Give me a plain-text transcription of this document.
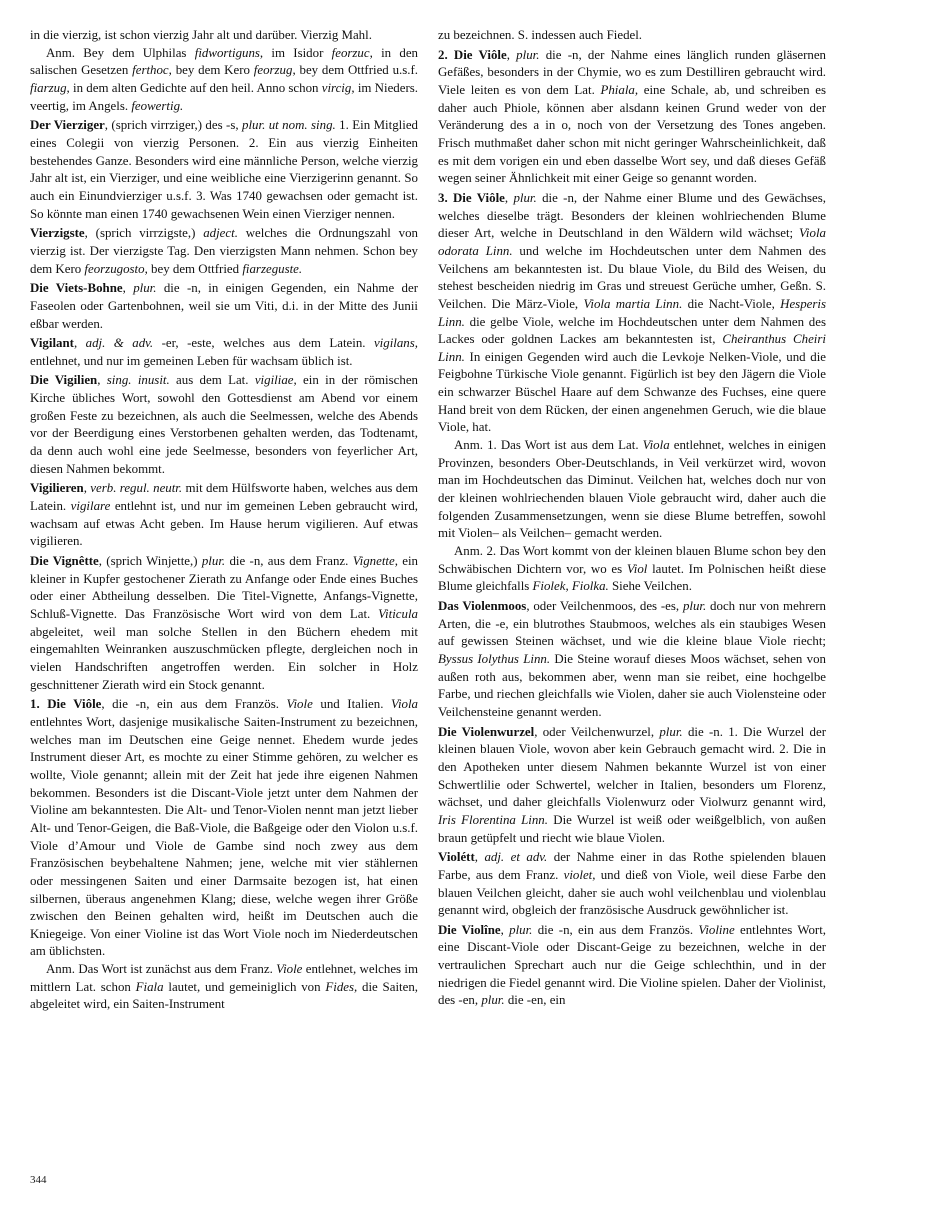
in die vierzig, ist schon vierzig Jahr alt und darüber. Vierzig Mahl.

Anm. Bey dem Ulphilas fidwortiguns, im Isidor feorzuc, in den salischen Gesetzen ferthoc, bey dem Kero feorzug, bey dem Ottfried u.s.f. fiarzug, in dem alten Gedichte auf den heil. Anno schon vircig, im Nieders. veertig, im Angels. feowertig.

Der Vierziger, (sprich virrziger,) des -s, plur. ut nom. sing. 1. Ein Mitglied eines Colegii von vierzig Personen. 2. Ein aus vierzig Einheiten bestehendes Ganze. Besonders wird eine männliche Person, welche vierzig Jahr alt ist, ein Vierziger, und eine weibliche eine Vierzigerinn genannt. So auch ein Einundvierziger u.s.f. 3. Was 1740 gewachsen oder gemacht ist. So könnte man einen 1740 gewachsenen Wein einen Vierziger nennen.

Vierzigste, (sprich virrzigste,) adject. welches die Ordnungszahl von vierzig ist. Der vierzigste Tag. Den vierzigsten Mann nehmen. Schon bey dem Kero feorzugosto, bey dem Ottfried fiarzeguste.

Die Viets-Bohne, plur. die -n, in einigen Gegenden, ein Nahme der Faseolen oder Gartenbohnen, weil sie um Viti, d.i. in der Mitte des Junii eßbar werden.

Vigilant, adj. & adv. -er, -este, welches aus dem Latein. vigilans, entlehnet, und nur im gemeinen Leben für wachsam üblich ist.

Die Vigilien, sing. inusit. aus dem Lat. vigiliae, ein in der römischen Kirche übliches Wort, sowohl den Gottesdienst am Abend vor einem großen Feste zu bezeichnen, als auch die Seelmessen, welche des Abends vor der Beerdigung eines Verstorbenen gehalten werden, das Todtenamt, da denn auch wohl eine jede Seelmesse, besonders von feyerlicher Art, diesen Nahmen bekommt.

Vigilieren, verb. regul. neutr. mit dem Hülfsworte haben, welches aus dem Latein. vigilare entlehnt ist, und nur im gemeinen Leben gebraucht wird, wachsam auf etwas Acht geben. Im Hause herum vigilieren. Auf etwas vigilieren.

Die Vignêtte, (sprich Winjette,) plur. die -n, aus dem Franz. Vignette, ein kleiner in Kupfer gestochener Zierath zu Anfange oder Ende eines Buches oder einer Abtheilung desselben. Die Titel-Vignette, Anfangs-Vignette, Schluß-Vignette. Das Französische Wort wird von dem Lat. Viticula abgeleitet, weil man solche Stellen in den Büchern ehedem mit eingemahlten Weinranken auszuschmücken pflegte, dergleichen noch in vielen Handschriften angetroffen werden. Ein solcher in Holz geschnittener Zierath wird ein Stock genannt.

1. Die Viôle, die -n, ein aus dem Französ. Viole und Italien. Viola entlehntes Wort, dasjenige musikalische Saiten-Instrument zu bezeichnen, welches man im Deutschen eine Geige nennet. Ehedem wurde jedes Instrument dieser Art, es mochte zu einer Stimme gehören, zu welcher es wollte, Viole genannt; allein mit der Zeit hat jede ihre eigenen Nahmen bekommen. Besonders ist die Discant-Viole jetzt unter dem Nahmen der Violine am bekanntesten. Die Alt- und Tenor-Violen nennt man jetzt lieber Alt- und Tenor-Geigen, die Baß-Viole, die Baßgeige oder den Violon u.s.f. Viole d’Amour und Viole de Gambe sind noch zwey aus dem Französischen beybehaltene Nahmen; jene, welche mit vier stählernen oder messingenen Saiten und einer Darmsaite bezogen ist, hat einen silbernen, überaus angenehmen Klang; diese, welche wegen ihrer Größe zwischen den Beinen gehalten wird, heißt im Deutschen auch die Kniegeige. Von einer Violine ist das Wort Viole noch im Niederdeutschen am üblichsten.

Anm. Das Wort ist zunächst aus dem Franz. Viole entlehnet, welches im mittlern Lat. schon Fiala lautet, und gemeiniglich von Fides, die Saiten, abgeleitet wird, ein Saiten-Instrument

zu bezeichnen. S. indessen auch Fiedel.

2. Die Viôle, plur. die -n, der Nahme eines länglich runden gläsernen Gefäßes, besonders in der Chymie, wo es zum Destilliren gebraucht wird. Viele leiten es von dem Lat. Phiala, eine Schale, ab, und schreiben es daher auch Phiole, können aber alsdann keinen Grund weder von der Veränderung des a in o, noch von der Versetzung des Tones angeben. Frisch muthmaßet daher schon mit nicht geringer Wahrscheinlichkeit, daß es mit dem vorigen ein und eben dasselbe Wort sey, und daß dieses Gefäß wegen seiner Ähnlichkeit mit einer Geige so genannt worden.

3. Die Viôle, plur. die -n, der Nahme einer Blume und des Gewächses, welches dieselbe trägt. Besonders der kleinen wohlriechenden Blume dieser Art, welche in Deutschland in den Wäldern wild wächset; Viola odorata Linn. und welche im Hochdeutschen unter dem Nahmen des Veilchens am bekanntesten ist. Du blaue Viole, du Bild des Weisen, du stehest bescheiden niedrig im Gras und streuest Gerüche umher, Geßn. S. Veilchen. Die März-Viole, Viola martia Linn. die Nacht-Viole, Hesperis Linn. die gelbe Viole, welche im Hochdeutschen unter dem Nahmen des Lackes oder goldnen Lackes am bekanntesten ist, Cheiranthus Cheiri Linn. In einigen Gegenden wird auch die Levkoje Nelken-Viole, und die Feigbohne Türkische Viole genannt. Figürlich ist bey den Jägern die Viole ein schwarzer Büschel Haare auf dem Schwanze des Fuchses, eine quere Hand breit von dem Rücken, der einen angenehmen Geruch, wie die blaue Viole, hat.

Anm. 1. Das Wort ist aus dem Lat. Viola entlehnet, welches in einigen Provinzen, besonders Ober-Deutschlands, in Veil verkürzet wird, wovon man im Hochdeutschen das Diminut. Veilchen hat, welches doch nur von der kleinen wohlriechenden blauen Viole gebraucht wird, daher auch die folgenden Zusammensetzungen, wenn sie diese Blume betreffen, sowohl mit Violen– als Veilchen– gemacht werden.

Anm. 2. Das Wort kommt von der kleinen blauen Blume schon bey den Schwäbischen Dichtern vor, wo es Viol lautet. Im Polnischen heißt diese Blume gleichfalls Fiolek, Fiolka. Siehe Veilchen.

Das Violenmoos, oder Veilchenmoos, des -es, plur. doch nur von mehrern Arten, die -e, ein blutrothes Staubmoos, welches als ein staubiges Wesen auf gewissen Steinen wächset, und wie die kleine blaue Viole riecht; Byssus Iolythus Linn. Die Steine worauf dieses Moos wächset, sehen von außen roth aus, bekommen aber, wenn man sie reibet, eine hochgelbe Farbe, und riechen gleichfalls wie Violen, daher sie auch Violensteine oder Veilchensteine genannt werden.

Die Violenwurzel, oder Veilchenwurzel, plur. die -n. 1. Die Wurzel der kleinen blauen Viole, wovon aber kein Gebrauch gemacht wird. 2. Die in den Apotheken unter diesem Nahmen bekannte Wurzel ist von einer Schwertlilie oder Schwertel, welcher in Italien, besonders um Florenz, wächset, und daher gleichfalls Violenwurz oder Violwurz genannt wird, Iris Florentina Linn. Die Wurzel ist weiß oder weißgelblich, von außen braun getüpfelt und riecht wie blaue Violen.

Violétt, adj. et adv. der Nahme einer in das Rothe spielenden blauen Farbe, aus dem Franz. violet, und dieß von Viole, weil diese Farbe den blauen Veilchen gleicht, daher sie auch wohl veilchenblau und violenblau genannt wird, obgleich der französische Ausdruck gewöhnlicher ist.

Die Violîne, plur. die -n, ein aus dem Französ. Violine entlehntes Wort, eine Discant-Viole oder Discant-Geige zu bezeichnen, welche in der vertraulichen Sprechart auch nur die Geige schlechthin, und in der niedrigen die Fiedel genannt wird. Die Violine spielen. Daher der Violinist, des -en, plur. die -en, ein

344
